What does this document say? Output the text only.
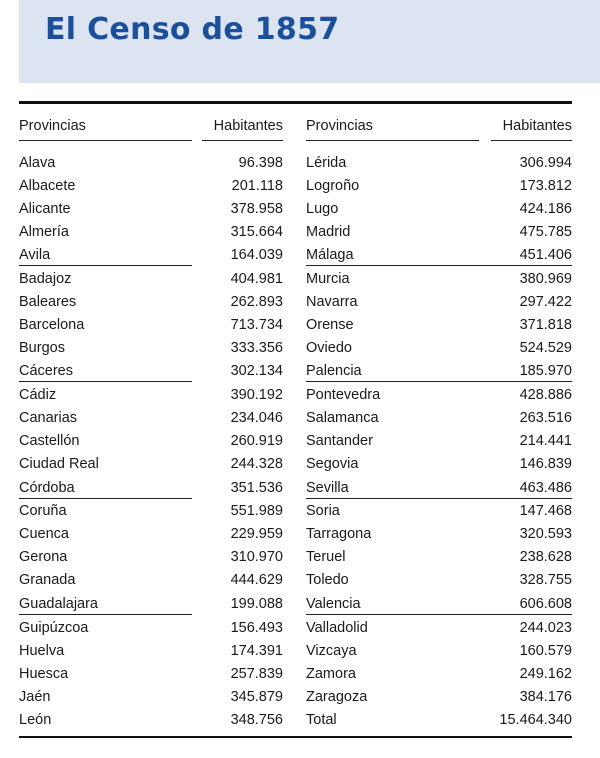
El Censo de 1857
Provincias	Habitantes Provincias	Habitantes
Alava	96.398 Lérida	306.994
Albacete	201.118 Logroño	173.812
Alicante	378.958 Lugo	424.186
Almería	315.664 Madrid	475.785
Avila	164.039 Málaga	451.406
Badajoz	404.981 Murcia	380.969
Baleares	262.893 Navarra	297.422
Barcelona	713.734 Orense	371.818
Burgos	333.356 Oviedo	524.529
Cáceres	302.134 Palencia	185.970
Cádiz	390.192 Pontevedra	428.886
Canarias	234.046 Salamanca	263.516
Castellón	260.919 Santander	214.441
Ciudad Real	244.328 Segovia	146.839
Córdoba	351.536 Sevilla	463.486
Coruña	551.989 Soria	147.468
Cuenca	229.959 Tarragona	320.593
Gerona	310.970 Teruel	238.628
Granada	444.629 Toledo	328.755
Guadalajara	199.088 Valencia	606.608
Guipúzcoa	156.493 Valladolid	244.023
Huelva	174.391 Vizcaya	160.579
Huesca	257.839 Zamora	249.162
Jaén	345.879 Zaragoza	384.176
León	348.756 Total	15.464.340
